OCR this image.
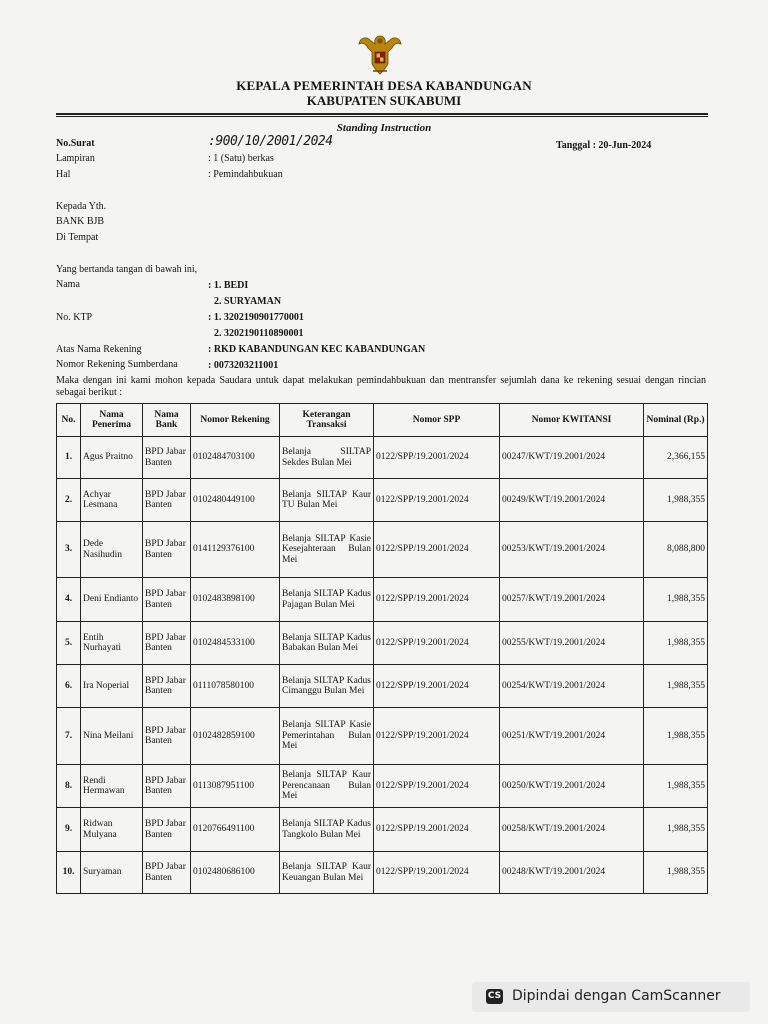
KEPALA PEMERINTAH DESA KABANDUNGAN
KABUPATEN SUKABUMI
Standing Instruction
No.Surat	:900/10/2001/2024	Tanggal : 20-Jun-2024
Lampiran	: 1 (Satu) berkas
Hal	: Pemindahbukuan
Kepada Yth.
BANK BJB
Di Tempat
Yang bertanda tangan di bawah ini,
Nama	: 1. BEDI
2. SURYAMAN
No. KTP	: 1. 3202190901770001
2. 3202190110890001
Atas Nama Rekening	: RKD KABANDUNGAN KEC KABANDUNGAN
Nomor Rekening Sumberdana	: 0073203211001
Maka dengan ini kami mohon kepada Saudara untuk dapat melakukan pemindahbukuan dan mentransfer sejumlah dana ke rekening sesuai dengan rincian sebagai berikut :
No.	Nama Penerima	Nama Bank	Nomor Rekening	Keterangan Transaksi	Nomor SPP	Nomor KWITANSI	Nominal (Rp.)
1.	Agus Praitno	BPD Jabar Banten	0102484703100	Belanja SILTAP Sekdes Bulan Mei	0122/SPP/19.2001/2024	00247/KWT/19.2001/2024	2,366,155
2.	Achyar Lesmana	BPD Jabar Banten	0102480449100	Belanja SILTAP Kaur TU Bulan Mei	0122/SPP/19.2001/2024	00249/KWT/19.2001/2024	1,988,355
3.	Dede Nasihudin	BPD Jabar Banten	0141129376100	Belanja SILTAP Kasie Kesejahteraan Bulan Mei	0122/SPP/19.2001/2024	00253/KWT/19.2001/2024	8,088,800
4.	Deni Endianto	BPD Jabar Banten	0102483898100	Belanja SILTAP Kadus Pajagan Bulan Mei	0122/SPP/19.2001/2024	00257/KWT/19.2001/2024	1,988,355
5.	Entih Nurhayati	BPD Jabar Banten	0102484533100	Belanja SILTAP Kadus Babakan Bulan Mei	0122/SPP/19.2001/2024	00255/KWT/19.2001/2024	1,988,355
6.	Ira Noperial	BPD Jabar Banten	0111078580100	Belanja SILTAP Kadus Cimanggu Bulan Mei	0122/SPP/19.2001/2024	00254/KWT/19.2001/2024	1,988,355
7.	Nina Meilani	BPD Jabar Banten	0102482859100	Belanja SILTAP Kasie Pemerintahan Bulan Mei	0122/SPP/19.2001/2024	00251/KWT/19.2001/2024	1,988,355
8.	Rendi Hermawan	BPD Jabar Banten	0113087951100	Belanja SILTAP Kaur Perencanaan Bulan Mei	0122/SPP/19.2001/2024	00250/KWT/19.2001/2024	1,988,355
9.	Ridwan Mulyana	BPD Jabar Banten	0120766491100	Belanja SILTAP Kadus Tangkolo Bulan Mei	0122/SPP/19.2001/2024	00258/KWT/19.2001/2024	1,988,355
10.	Suryaman	BPD Jabar Banten	0102480686100	Belanja SILTAP Kaur Keuangan Bulan Mei	0122/SPP/19.2001/2024	00248/KWT/19.2001/2024	1,988,355
CS Dipindai dengan CamScanner
